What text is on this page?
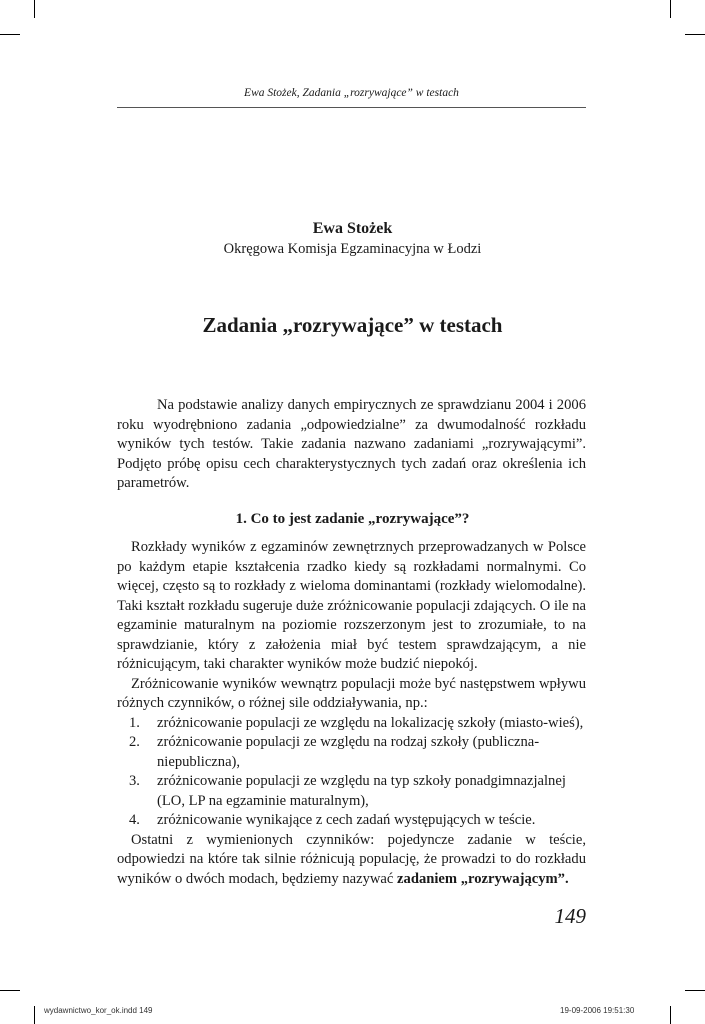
Ewa Stożek, Zadania „rozrywające” w testach
Ewa Stożek
Okręgowa Komisja Egzaminacyjna w Łodzi
Zadania „rozrywające” w testach
Na podstawie analizy danych empirycznych ze sprawdzianu 2004 i 2006 roku wyodrębniono zadania „odpowiedzialne” za dwumodalność rozkładu wyników tych testów. Takie zadania nazwano zadaniami „rozrywającymi”. Podjęto próbę opisu cech charakterystycznych tych zadań oraz określenia ich parametrów.
1. Co to jest zadanie „rozrywające”?

Rozkłady wyników z egzaminów zewnętrznych przeprowadzanych w Polsce po każdym etapie kształcenia rzadko kiedy są rozkładami normalnymi. Co więcej, często są to rozkłady z wieloma dominantami (rozkłady wielomodalne). Taki kształt rozkładu sugeruje duże zróżnicowanie populacji zdających. O ile na egzaminie maturalnym na poziomie rozszerzonym jest to zrozumiałe, to na sprawdzianie, który z założenia miał być testem sprawdzającym, a nie różnicującym, taki charakter wyników może budzić niepokój.

Zróżnicowanie wyników wewnątrz populacji może być następstwem wpływu różnych czynników, o różnej sile oddziaływania, np.:

1. zróżnicowanie populacji ze względu na lokalizację szkoły (miasto-wieś),
2. zróżnicowanie populacji ze względu na rodzaj szkoły (publiczna-niepubliczna),
3. zróżnicowanie populacji ze względu na typ szkoły ponadgimnazjalnej (LO, LP na egzaminie maturalnym),
4. zróżnicowanie wynikające z cech zadań występujących w teście.

Ostatni z wymienionych czynników: pojedyncze zadanie w teście, odpowiedzi na które tak silnie różnicują populację, że prowadzi to do rozkładu wyników o dwóch modach, będziemy nazywać zadaniem „rozrywającym”.

149
wydawnictwo_kor_ok.indd 149	19-09-2006 19:51:30
